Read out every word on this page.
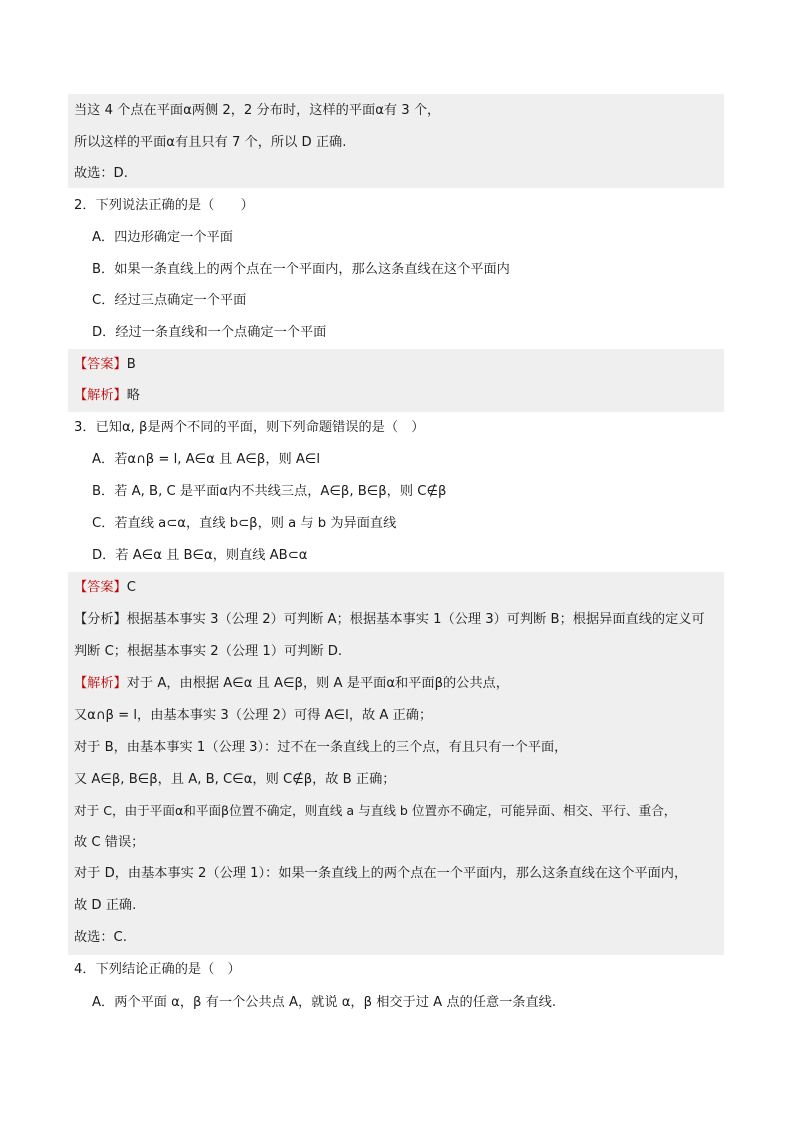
当这 4 个点在平面α两侧 2，2 分布时，这样的平面α有 3 个，
所以这样的平面α有且只有 7 个，所以 D 正确.
故选：D.
2．下列说法正确的是（　　）
A．四边形确定一个平面
B．如果一条直线上的两个点在一个平面内，那么这条直线在这个平面内
C．经过三点确定一个平面
D．经过一条直线和一个点确定一个平面
【答案】B
【解析】略
3．已知α, β是两个不同的平面，则下列命题错误的是（　）
A．若α∩β = l, A∈α 且 A∈β，则 A∈l
B．若 A, B, C 是平面α内不共线三点，A∈β, B∈β，则 C∉β
C．若直线 a⊂α，直线 b⊂β，则 a 与 b 为异面直线
D．若 A∈α 且 B∈α，则直线 AB⊂α
【答案】C
【分析】根据基本事实 3（公理 2）可判断 A；根据基本事实 1（公理 3）可判断 B；根据异面直线的定义可
判断 C；根据基本事实 2（公理 1）可判断 D.
【解析】对于 A，由根据 A∈α 且 A∈β，则 A 是平面α和平面β的公共点，
又α∩β = l，由基本事实 3（公理 2）可得 A∈l，故 A 正确；
对于 B，由基本事实 1（公理 3）：过不在一条直线上的三个点，有且只有一个平面，
又 A∈β, B∈β，且 A, B, C∈α，则 C∉β，故 B 正确；
对于 C，由于平面α和平面β位置不确定，则直线 a 与直线 b 位置亦不确定，可能异面、相交、平行、重合，
故 C 错误；
对于 D，由基本事实 2（公理 1）：如果一条直线上的两个点在一个平面内，那么这条直线在这个平面内，
故 D 正确.
故选：C.
4．下列结论正确的是（　）
A．两个平面 α，β 有一个公共点 A，就说 α，β 相交于过 A 点的任意一条直线.
